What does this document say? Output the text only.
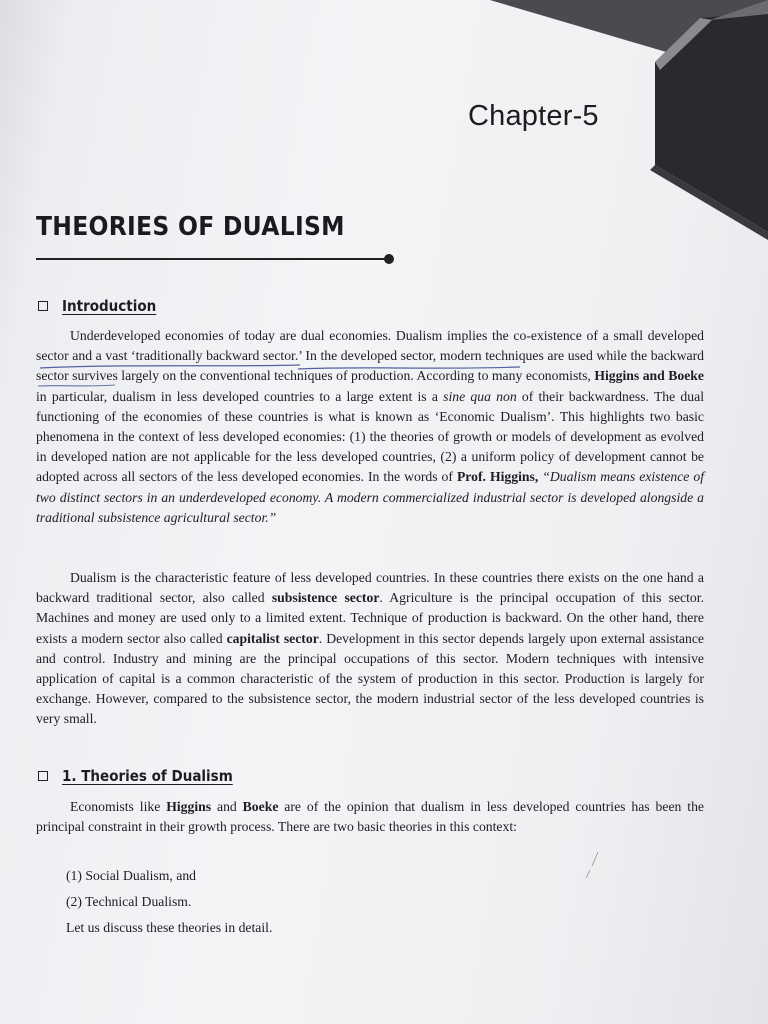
Chapter-5
THEORIES OF DUALISM
Introduction

Underdeveloped economies of today are dual economies. Dualism implies the co-existence of a small developed sector and a vast ‘traditionally backward sector.’ In the developed sector, modern techniques are used while the backward sector survives largely on the conventional techniques of production. According to many economists, Higgins and Boeke in particular, dualism in less developed countries to a large extent is a sine qua non of their backwardness. The dual functioning of the economies of these countries is what is known as ‘Economic Dualism’. This highlights two basic phenomena in the context of less developed economies: (1) the theories of growth or models of development as evolved in developed nation are not applicable for the less developed countries, (2) a uniform policy of development cannot be adopted across all sectors of the less developed economies. In the words of Prof. Higgins, “Dualism means existence of two distinct sectors in an underdeveloped economy. A modern commercialized industrial sector is developed alongside a traditional subsistence agricultural sector.”

Dualism is the characteristic feature of less developed countries. In these countries there exists on the one hand a backward traditional sector, also called subsistence sector. Agriculture is the principal occupation of this sector. Machines and money are used only to a limited extent. Technique of production is backward. On the other hand, there exists a modern sector also called capitalist sector. Development in this sector depends largely upon external assistance and control. Industry and mining are the principal occupations of this sector. Modern techniques with intensive application of capital is a common characteristic of the system of production in this sector. Production is largely for exchange. However, compared to the subsistence sector, the modern industrial sector of the less developed countries is very small.

1. Theories of Dualism

Economists like Higgins and Boeke are of the opinion that dualism in less developed countries has been the principal constraint in their growth process. There are two basic theories in this context:

(1) Social Dualism, and
(2) Technical Dualism.
Let us discuss these theories in detail.
